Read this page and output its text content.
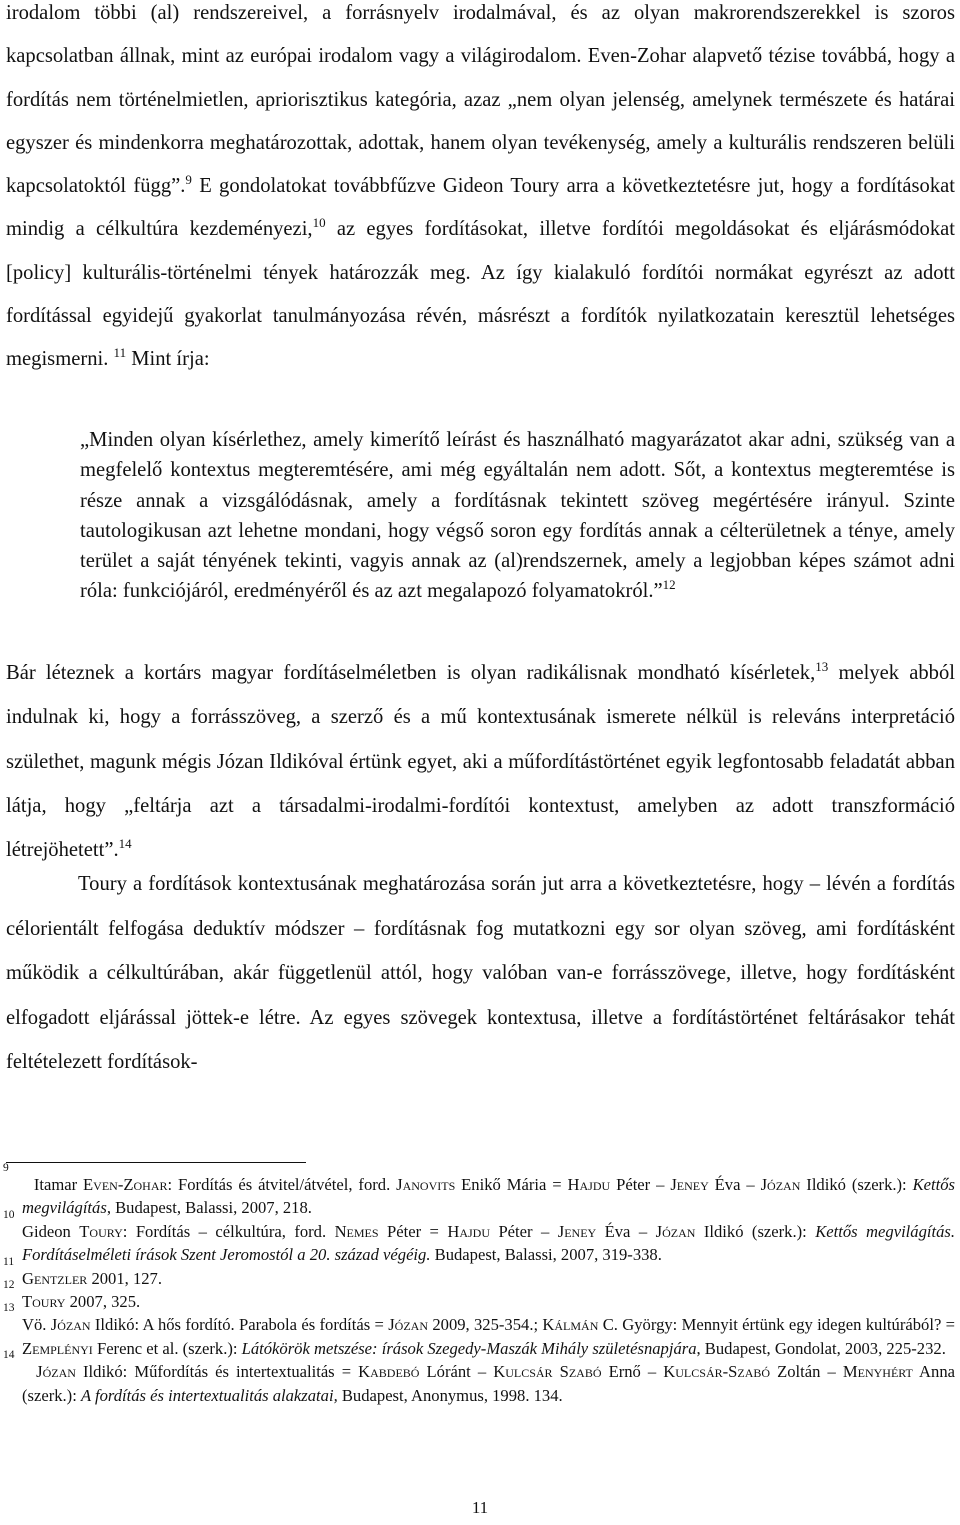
irodalom többi (al) rendszereivel, a forrásnyelv irodalmával, és az olyan makrorendszerekkel is szoros kapcsolatban állnak, mint az európai irodalom vagy a világirodalom. Even-Zohar alapvető tézise továbbá, hogy a fordítás nem történelmietlen, apriorisztikus kategória, azaz „nem olyan jelenség, amelynek természete és határai egyszer és mindenkorra meghatározottak, adottak, hanem olyan tevékenység, amely a kulturális rendszeren belüli kapcsolatoktól függ”.$^9$ E gondolatokat továbbfűzve Gideon Toury arra a következtetésre jut, hogy a fordításokat mindig a célkultúra kezdeményezi,$^{10}$ az egyes fordításokat, illetve fordítói megoldásokat és eljárásmódokat [policy] kulturális-történelmi tények határozzák meg. Az így kialakuló fordítói normákat egyrészt az adott fordítással egyidejű gyakorlat tanulmányozása révén, másrészt a fordítók nyilatkozatain keresztül lehetséges megismerni. $^{11}$ Mint írja:

„Minden olyan kísérlethez, amely kimerítő leírást és használható magyarázatot akar adni, szükség van a megfelelő kontextus megteremtésére, ami még egyáltalán nem adott. Sőt, a kontextus megteremtése is része annak a vizsgálódásnak, amely a fordításnak tekintett szöveg megértésére irányul. Szinte tautologikusan azt lehetne mondani, hogy végső soron egy fordítás annak a célterületnek a ténye, amely terület a saját tényének tekinti, vagyis annak az (al)rendszernek, amely a legjobban képes számot adni róla: funkciójáról, eredményéről és az azt megalapozó folyamatokról.”$^{12}$

Bár léteznek a kortárs magyar fordításelméletben is olyan radikálisnak mondható kísérletek,$^{13}$ melyek abból indulnak ki, hogy a forrásszöveg, a szerző és a mű kontextusának ismerete nélkül is releváns interpretáció születhet, magunk mégis Józan Ildikóval értünk egyet, aki a műfordítástörténet egyik legfontosabb feladatát abban látja, hogy „feltárja azt a társadalmi-irodalmi-fordítói kontextust, amelyben az adott transzformáció létrejöhetett”.$^{14}$

Toury a fordítások kontextusának meghatározása során jut arra a következtetésre, hogy – lévén a fordítás célorientált felfogása deduktív módszer – fordításnak fog mutatkozni egy sor olyan szöveg, ami fordításként működik a célkultúrában, akár függetlenül attól, hogy valóban van-e forrásszövege, illetve, hogy fordításként elfogadott eljárással jöttek-e létre. Az egyes szövegek kontextusa, illetve a fordítástörténet feltárásakor tehát feltételezett fordítások-

9
Itamar Even-Zohar: Fordítás és átvitel/átvétel, ford. Janovits Enikő Mária = Hajdu Péter – Jeney Éva – Józan Ildikó (szerk.): Kettős megvilágítás, Budapest, Balassi, 2007, 218.

10
Gideon Toury: Fordítás – célkultúra, ford. Nemes Péter = Hajdu Péter – Jeney Éva – Józan Ildikó (szerk.): Kettős megvilágítás. Fordításelméleti írások Szent Jeromostól a 20. század végéig. Budapest, Balassi, 2007, 319-338.

11
Gentzler 2001, 127.

12
Toury 2007, 325.

13
Vö. Józan Ildikó: A hős fordító. Parabola és fordítás = Józan 2009, 325-354.; Kálmán C. György: Mennyit értünk egy idegen kultúrából? = Zemplényi Ferenc et al. (szerk.): Látókörök metszése: írások Szegedy-Maszák Mihály születésnapjára, Budapest, Gondolat, 2003, 225-232.

14
Józan Ildikó: Műfordítás és intertextualitás = Kabdebó Lóránt – Kulcsár Szabó Ernő – Kulcsár-Szabó Zoltán – Menyhért Anna (szerk.): A fordítás és intertextualitás alakzatai, Budapest, Anonymus, 1998. 134.

11
